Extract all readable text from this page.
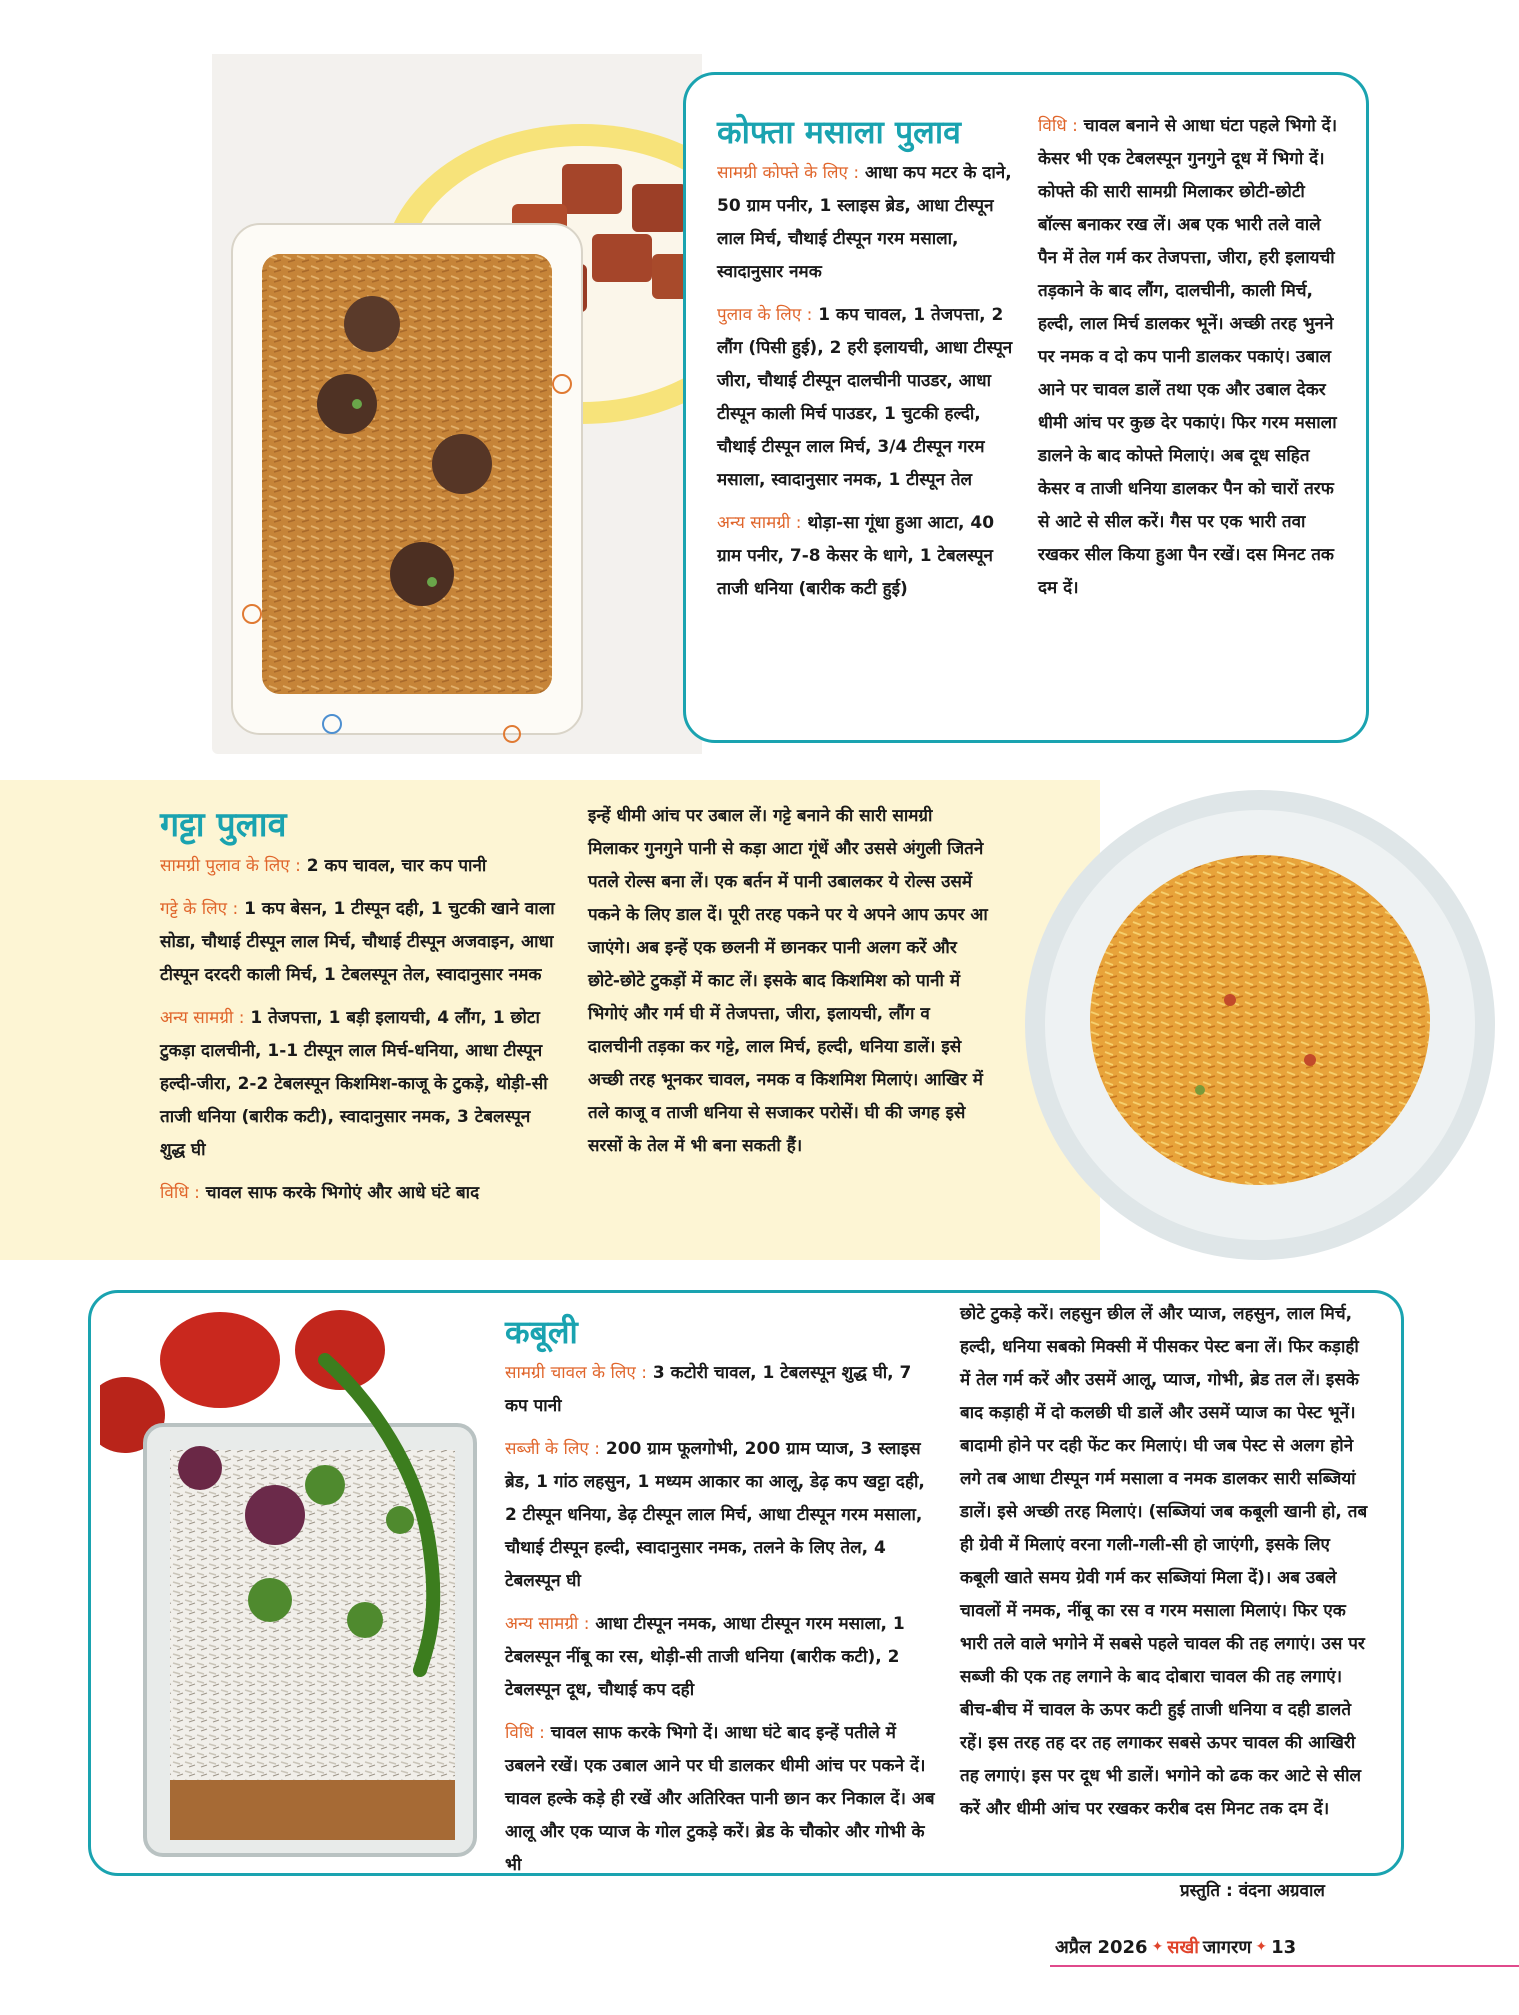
कोफ्ता मसाला पुलाव

सामग्री कोफ्ते के लिए : आधा कप मटर के दाने, 50 ग्राम पनीर, 1 स्लाइस ब्रेड, आधा टीस्पून लाल मिर्च, चौथाई टीस्पून गरम मसाला, स्वादानुसार नमक

पुलाव के लिए : 1 कप चावल, 1 तेजपत्ता, 2 लौंग (पिसी हुई), 2 हरी इलायची, आधा टीस्पून जीरा, चौथाई टीस्पून दालचीनी पाउडर, आधा टीस्पून काली मिर्च पाउडर, 1 चुटकी हल्दी, चौथाई टीस्पून लाल मिर्च, 3/4 टीस्पून गरम मसाला, स्वादानुसार नमक, 1 टीस्पून तेल

अन्य सामग्री : थोड़ा-सा गूंधा हुआ आटा, 40 ग्राम पनीर, 7-8 केसर के धागे, 1 टेबलस्पून ताजी धनिया (बारीक कटी हुई)

विधि : चावल बनाने से आधा घंटा पहले भिगो दें। केसर भी एक टेबलस्पून गुनगुने दूध में भिगो दें। कोफ्ते की सारी सामग्री मिलाकर छोटी-छोटी बॉल्स बनाकर रख लें। अब एक भारी तले वाले पैन में तेल गर्म कर तेजपत्ता, जीरा, हरी इलायची तड़काने के बाद लौंग, दालचीनी, काली मिर्च, हल्दी, लाल मिर्च डालकर भूनें। अच्छी तरह भुनने पर नमक व दो कप पानी डालकर पकाएं। उबाल आने पर चावल डालें तथा एक और उबाल देकर धीमी आंच पर कुछ देर पकाएं। फिर गरम मसाला डालने के बाद कोफ्ते मिलाएं। अब दूध सहित केसर व ताजी धनिया डालकर पैन को चारों तरफ से आटे से सील करें। गैस पर एक भारी तवा रखकर सील किया हुआ पैन रखें। दस मिनट तक दम दें।

गट्टा पुलाव

सामग्री पुलाव के लिए : 2 कप चावल, चार कप पानी

गट्टे के लिए : 1 कप बेसन, 1 टीस्पून दही, 1 चुटकी खाने वाला सोडा, चौथाई टीस्पून लाल मिर्च, चौथाई टीस्पून अजवाइन, आधा टीस्पून दरदरी काली मिर्च, 1 टेबलस्पून तेल, स्वादानुसार नमक

अन्य सामग्री : 1 तेजपत्ता, 1 बड़ी इलायची, 4 लौंग, 1 छोटा टुकड़ा दालचीनी, 1-1 टीस्पून लाल मिर्च-धनिया, आधा टीस्पून हल्दी-जीरा, 2-2 टेबलस्पून किशमिश-काजू के टुकड़े, थोड़ी-सी ताजी धनिया (बारीक कटी), स्वादानुसार नमक, 3 टेबलस्पून शुद्ध घी

विधि : चावल साफ करके भिगोएं और आधे घंटे बाद

इन्हें धीमी आंच पर उबाल लें। गट्टे बनाने की सारी सामग्री मिलाकर गुनगुने पानी से कड़ा आटा गूंधें और उससे अंगुली जितने पतले रोल्स बना लें। एक बर्तन में पानी उबालकर ये रोल्स उसमें पकने के लिए डाल दें। पूरी तरह पकने पर ये अपने आप ऊपर आ जाएंगे। अब इन्हें एक छलनी में छानकर पानी अलग करें और छोटे-छोटे टुकड़ों में काट लें। इसके बाद किशमिश को पानी में भिगोएं और गर्म घी में तेजपत्ता, जीरा, इलायची, लौंग व दालचीनी तड़का कर गट्टे, लाल मिर्च, हल्दी, धनिया डालें। इसे अच्छी तरह भूनकर चावल, नमक व किशमिश मिलाएं। आखिर में तले काजू व ताजी धनिया से सजाकर परोसें। घी की जगह इसे सरसों के तेल में भी बना सकती हैं।

कबूली

सामग्री चावल के लिए : 3 कटोरी चावल, 1 टेबलस्पून शुद्ध घी, 7 कप पानी

सब्जी के लिए : 200 ग्राम फूलगोभी, 200 ग्राम प्याज, 3 स्लाइस ब्रेड, 1 गांठ लहसुन, 1 मध्यम आकार का आलू, डेढ़ कप खट्टा दही, 2 टीस्पून धनिया, डेढ़ टीस्पून लाल मिर्च, आधा टीस्पून गरम मसाला, चौथाई टीस्पून हल्दी, स्वादानुसार नमक, तलने के लिए तेल, 4 टेबलस्पून घी

अन्य सामग्री : आधा टीस्पून नमक, आधा टीस्पून गरम मसाला, 1 टेबलस्पून नींबू का रस, थोड़ी-सी ताजी धनिया (बारीक कटी), 2 टेबलस्पून दूध, चौथाई कप दही

विधि : चावल साफ करके भिगो दें। आधा घंटे बाद इन्हें पतीले में उबलने रखें। एक उबाल आने पर घी डालकर धीमी आंच पर पकने दें। चावल हल्के कड़े ही रखें और अतिरिक्त पानी छान कर निकाल दें। अब आलू और एक प्याज के गोल टुकड़े करें। ब्रेड के चौकोर और गोभी के भी

छोटे टुकड़े करें। लहसुन छील लें और प्याज, लहसुन, लाल मिर्च, हल्दी, धनिया सबको मिक्सी में पीसकर पेस्ट बना लें। फिर कड़ाही में तेल गर्म करें और उसमें आलू, प्याज, गोभी, ब्रेड तल लें। इसके बाद कड़ाही में दो कलछी घी डालें और उसमें प्याज का पेस्ट भूनें। बादामी होने पर दही फेंट कर मिलाएं। घी जब पेस्ट से अलग होने लगे तब आधा टीस्पून गर्म मसाला व नमक डालकर सारी सब्जियां डालें। इसे अच्छी तरह मिलाएं। (सब्जियां जब कबूली खानी हो, तब ही ग्रेवी में मिलाएं वरना गली-गली-सी हो जाएंगी, इसके लिए कबूली खाते समय ग्रेवी गर्म कर सब्जियां मिला दें)। अब उबले चावलों में नमक, नींबू का रस व गरम मसाला मिलाएं। फिर एक भारी तले वाले भगोने में सबसे पहले चावल की तह लगाएं। उस पर सब्जी की एक तह लगाने के बाद दोबारा चावल की तह लगाएं। बीच-बीच में चावल के ऊपर कटी हुई ताजी धनिया व दही डालते रहें। इस तरह तह दर तह लगाकर सबसे ऊपर चावल की आखिरी तह लगाएं। इस पर दूध भी डालें। भगोने को ढक कर आटे से सील करें और धीमी आंच पर रखकर करीब दस मिनट तक दम दें।

प्रस्तुति : वंदना अग्रवाल
अप्रैल 2026 ✦ सखी जागरण ✦ 13
